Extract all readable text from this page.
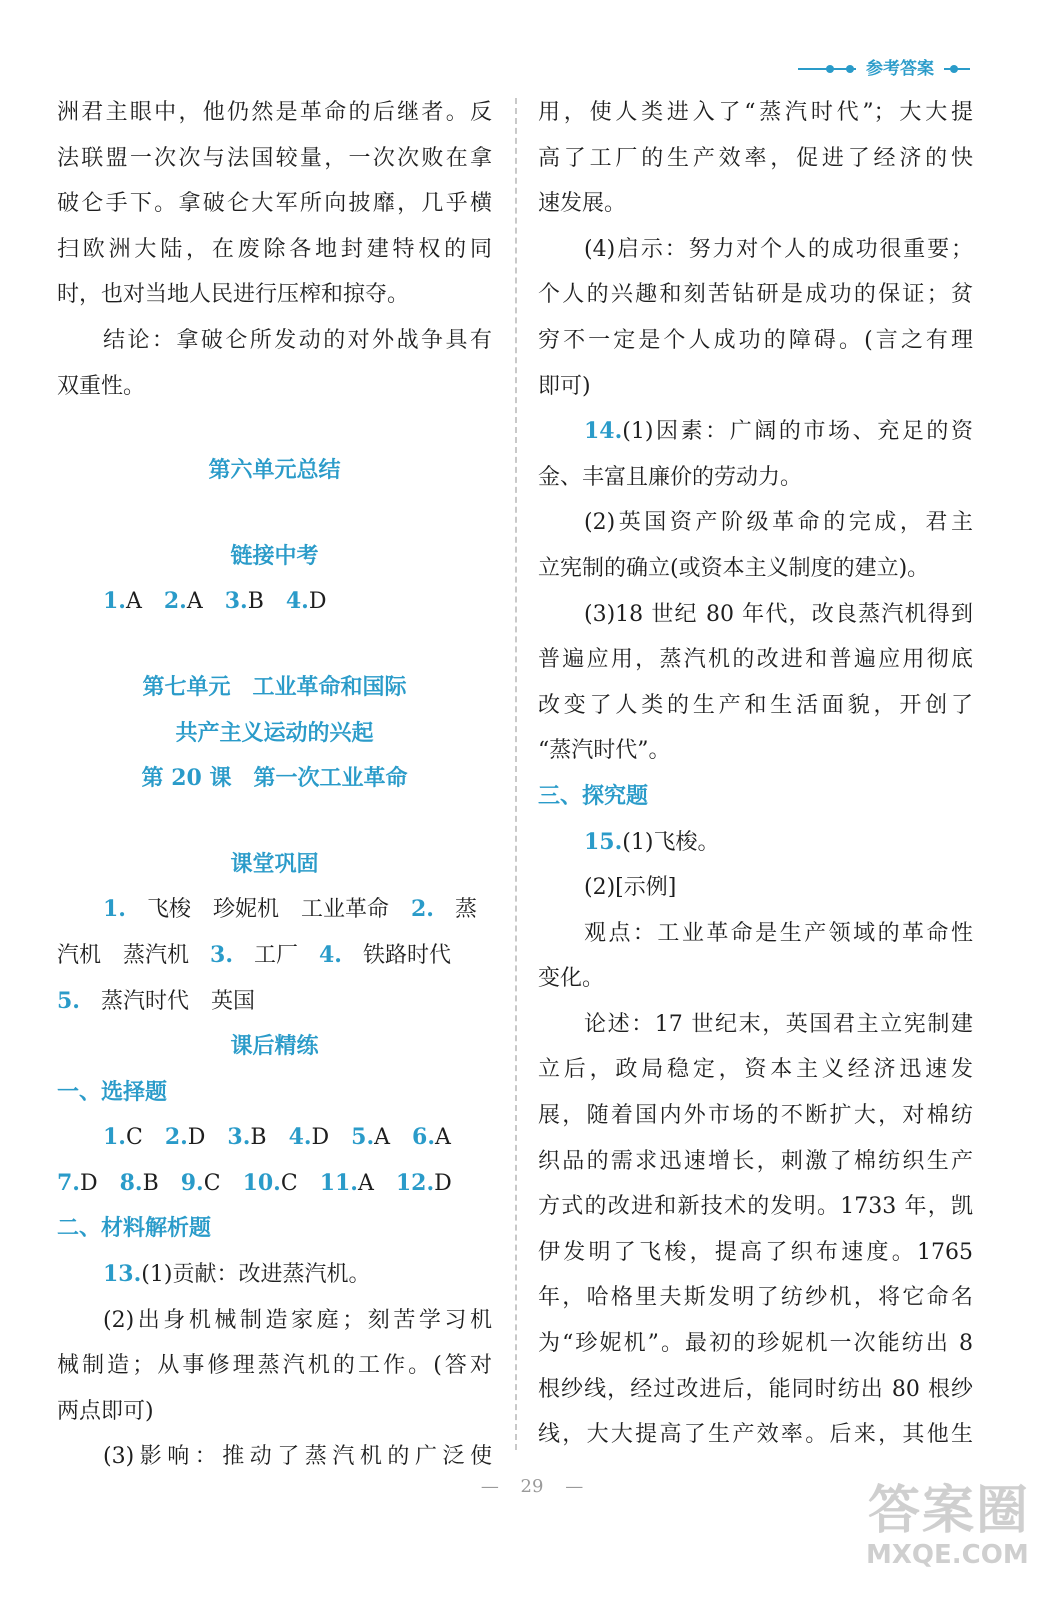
参考答案

洲君主眼中，他仍然是革命的后继者。反

法联盟一次次与法国较量，一次次败在拿

破仑手下。拿破仑大军所向披靡，几乎横

扫欧洲大陆，在废除各地封建特权的同

时，也对当地人民进行压榨和掠夺。

结论：拿破仑所发动的对外战争具有

双重性。

第六单元总结

链接中考

1.A 2.A 3.B 4.D

第七单元　工业革命和国际

共产主义运动的兴起

第 20 课　第一次工业革命

课堂巩固

1. 飞梭　珍妮机　工业革命　 2. 蒸

汽机　蒸汽机 3. 工厂 4. 铁路时代

5. 蒸汽时代　英国

课后精练

一、选择题

1.C 2.D 3.B 4.D 5.A 6.A

7.D 8.B 9.C 10.C 11.A 12.D

二、材料解析题

13.(1)贡献：改进蒸汽机。

(2)出身机械制造家庭；刻苦学习机

械制造；从事修理蒸汽机的工作。(答对

两点即可)

(3)影响：推动了蒸汽机的广泛使

用，使人类进入了“蒸汽时代”；大大提

高了工厂的生产效率，促进了经济的快

速发展。

(4)启示：努力对个人的成功很重要；

个人的兴趣和刻苦钻研是成功的保证；贫

穷不一定是个人成功的障碍。(言之有理

即可)

14.(1)因素：广阔的市场、充足的资

金、丰富且廉价的劳动力。

(2)英国资产阶级革命的完成，君主

立宪制的确立(或资本主义制度的建立)。

(3)18 世纪 80 年代，改良蒸汽机得到

普遍应用，蒸汽机的改进和普遍应用彻底

改变了人类的生产和生活面貌，开创了

“蒸汽时代”。

三、探究题

15.(1)飞梭。

(2)[示例]

观点：工业革命是生产领域的革命性

变化。

论述：17 世纪末，英国君主立宪制建

立后，政局稳定，资本主义经济迅速发

展，随着国内外市场的不断扩大，对棉纺

织品的需求迅速增长，刺激了棉纺织生产

方式的改进和新技术的发明。1733 年，凯

伊发明了飞梭，提高了织布速度。1765

年，哈格里夫斯发明了纺纱机，将它命名

为“珍妮机”。最初的珍妮机一次能纺出 8

根纱线，经过改进后，能同时纺出 80 根纱

线，大大提高了生产效率。后来，其他生

— 29 —	答案圈
MXQE.COM
